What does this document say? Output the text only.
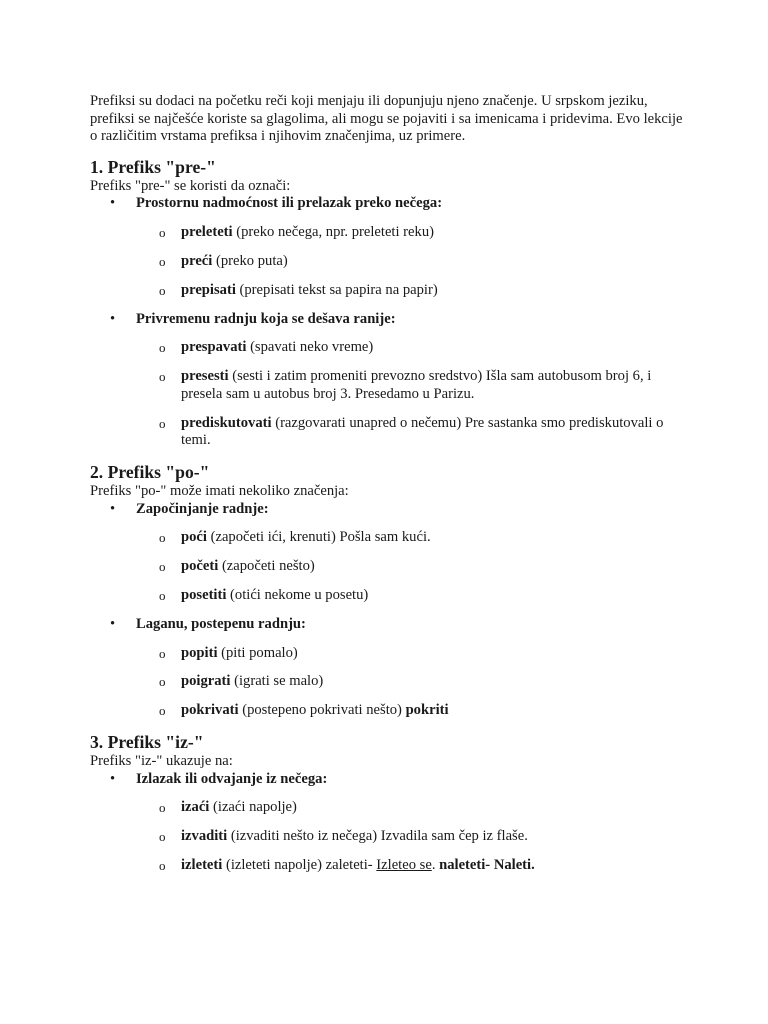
Prefiksi su dodaci na početku reči koji menjaju ili dopunjuju njeno značenje. U srpskom jeziku, prefiksi se najčešće koriste sa glagolima, ali mogu se pojaviti i sa imenicama i pridevima. Evo lekcije o različitim vrstama prefiksa i njihovim značenjima, uz primere.

1. Prefiks "pre-"

Prefiks "pre-" se koristi da označi:

• Prostornu nadmoćnost ili prelazak preko nečega:
o preleteti (preko nečega, npr. preleteti reku)
o preći (preko puta)
o prepisati (prepisati tekst sa papira na papir)
• Privremenu radnju koja se dešava ranije:
o prespavati (spavati neko vreme)
o presesti (sesti i zatim promeniti prevozno sredstvo) Išla sam autobusom broj 6, i presela sam u autobus broj 3. Presedamo u Parizu.
o prediskutovati (razgovarati unapred o nečemu) Pre sastanka smo prediskutovali o temi.
2. Prefiks "po-"

Prefiks "po-" može imati nekoliko značenja:

• Započinjanje radnje:
o poći (započeti ići, krenuti) Pošla sam kući.
o početi (započeti nešto)
o posetiti (otići nekome u posetu)
• Laganu, postepenu radnju:
o popiti (piti pomalo)
o poigrati (igrati se malo)
o pokrivati (postepeno pokrivati nešto) pokriti
3. Prefiks "iz-"

Prefiks "iz-" ukazuje na:

• Izlazak ili odvajanje iz nečega:
o izaći (izaći napolje)
o izvaditi (izvaditi nešto iz nečega) Izvadila sam čep iz flaše.
o izleteti (izleteti napolje) zaleteti- Izleteo se. naleteti- Naleti.
